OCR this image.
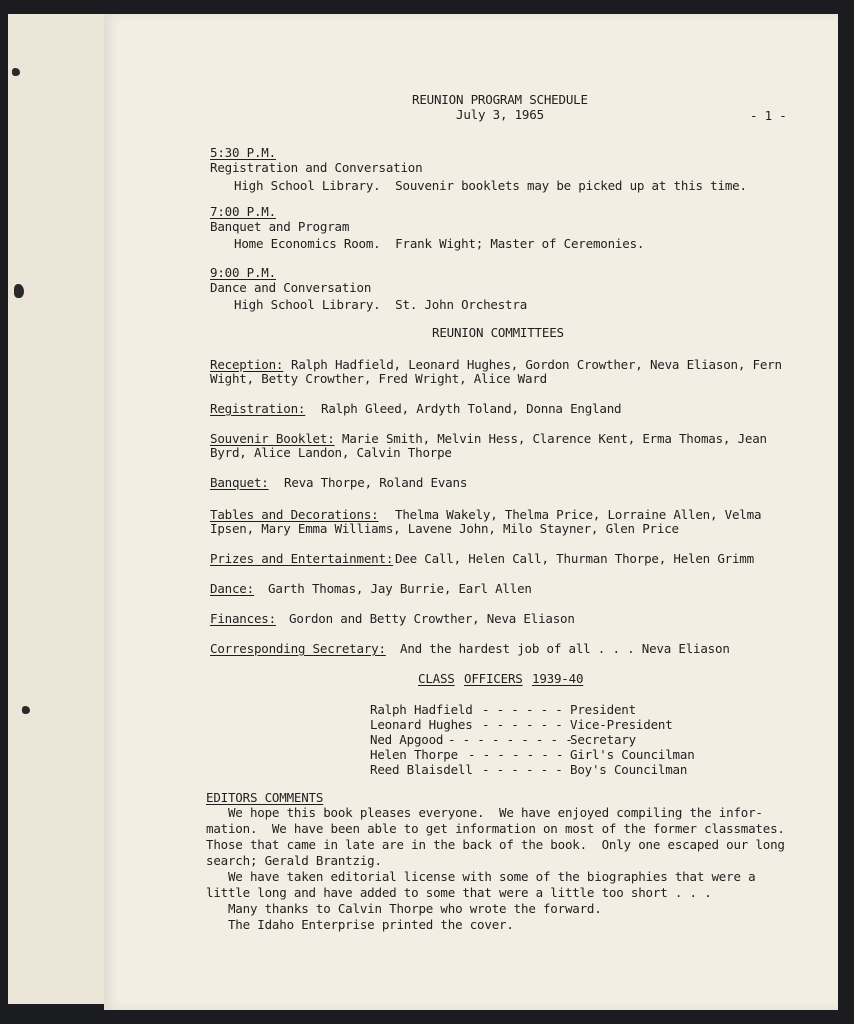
REUNION PROGRAM SCHEDULE
July 3, 1965	- 1 -
5:30 P.M.
Registration and Conversation
High School Library.  Souvenir booklets may be picked up at this time.
7:00 P.M.
Banquet and Program
Home Economics Room.  Frank Wight; Master of Ceremonies.
9:00 P.M.
Dance and Conversation
High School Library.  St. John Orchestra
REUNION COMMITTEES
Reception: Ralph Hadfield, Leonard Hughes, Gordon Crowther, Neva Eliason, Fern
Wight, Betty Crowther, Fred Wright, Alice Ward
Registration: Ralph Gleed, Ardyth Toland, Donna England
Souvenir Booklet: Marie Smith, Melvin Hess, Clarence Kent, Erma Thomas, Jean
Byrd, Alice Landon, Calvin Thorpe
Banquet: Reva Thorpe, Roland Evans
Tables and Decorations: Thelma Wakely, Thelma Price, Lorraine Allen, Velma
Ipsen, Mary Emma Williams, Lavene John, Milo Stayner, Glen Price
Prizes and Entertainment: Dee Call, Helen Call, Thurman Thorpe, Helen Grimm
Dance: Garth Thomas, Jay Burrie, Earl Allen
Finances: Gordon and Betty Crowther, Neva Eliason
Corresponding Secretary: And the hardest job of all . . . Neva Eliason
CLASS OFFICERS 1939-40
Ralph Hadfield - - - - - - President
Leonard Hughes - - - - - - Vice-President
Ned Apgood - - - - - - - - -
Secretary
Helen Thorpe - - - - - - - Girl's Councilman
Reed Blaisdell - - - - - - Boy's Councilman
EDITORS COMMENTS
We hope this book pleases everyone.  We have enjoyed compiling the infor-
mation.  We have been able to get information on most of the former classmates.
Those that came in late are in the back of the book.  Only one escaped our long
search; Gerald Brantzig.
We have taken editorial license with some of the biographies that were a
little long and have added to some that were a little too short . . .
Many thanks to Calvin Thorpe who wrote the forward.
The Idaho Enterprise printed the cover.
